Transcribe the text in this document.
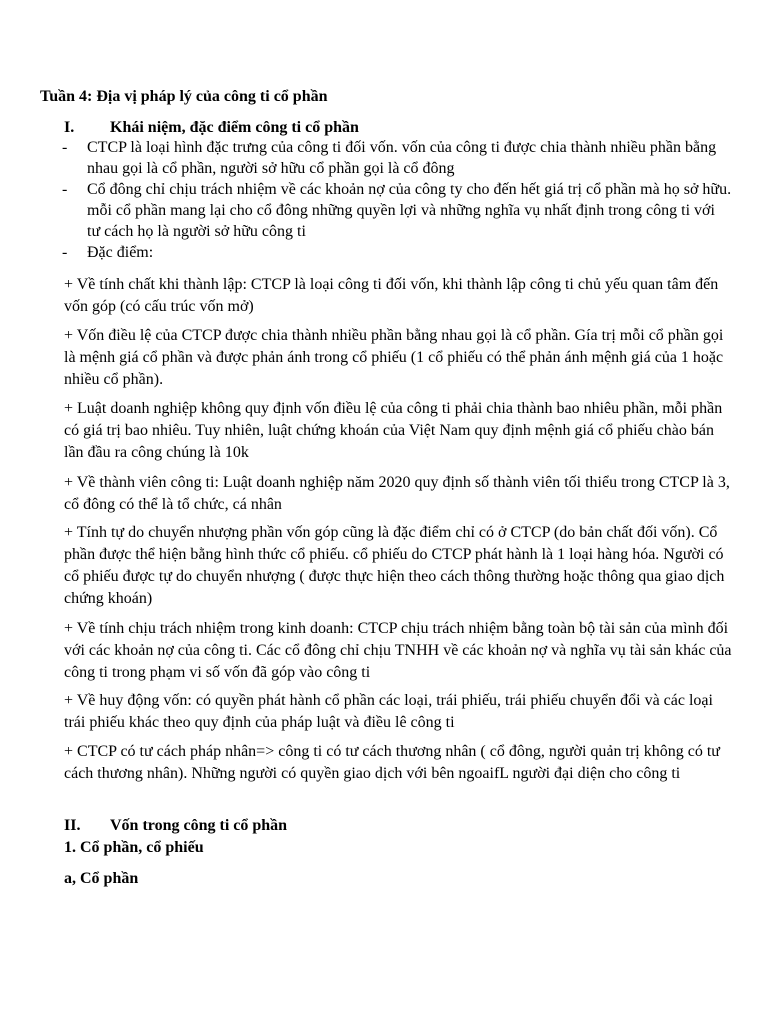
Tuần 4: Địa vị pháp lý của công ti cổ phần
I. Khái niệm, đặc điểm công ti cổ phần
- CTCP là loại hình đặc trưng của công ti đối vốn. vốn của công ti được chia thành nhiều phần bằng nhau gọi là cổ phần, người sở hữu cổ phần gọi là cổ đông
- Cổ đông chỉ chịu trách nhiệm về các khoản nợ của công ty cho đến hết giá trị cổ phần mà họ sở hữu. mỗi cổ phần mang lại cho cổ đông những quyền lợi và những nghĩa vụ nhất định trong công ti với tư cách họ là người sở hữu công ti
- Đặc điểm:
+ Về tính chất khi thành lập: CTCP là loại công ti đối vốn, khi thành lập công ti chủ yếu quan tâm đến vốn góp (có cấu trúc vốn mở)
+ Vốn điều lệ của CTCP được chia thành nhiều phần bằng nhau gọi là cổ phần. Gía trị mỗi cổ phần gọi là mệnh giá cổ phần và được phản ánh trong cổ phiếu (1 cổ phiếu có thể phản ánh mệnh giá của 1 hoặc nhiều cổ phần).
+ Luật doanh nghiệp không quy định vốn điều lệ của công ti phải chia thành bao nhiêu phần, mỗi phần có giá trị bao nhiêu. Tuy nhiên, luật chứng khoán của Việt Nam quy định mệnh giá cổ phiếu chào bán lần đầu ra công chúng là 10k
+ Về thành viên công ti: Luật doanh nghiệp năm 2020 quy định số thành viên tối thiểu trong CTCP là 3, cổ đông có thể là tổ chức, cá nhân
+ Tính tự do chuyển nhượng phần vốn góp cũng là đặc điểm chỉ có ở CTCP (do bản chất đối vốn). Cổ phần được thể hiện bằng hình thức cổ phiếu. cổ phiếu do CTCP phát hành là 1 loại hàng hóa. Người có cổ phiếu được tự do chuyển nhượng ( được thực hiện theo cách thông thường hoặc thông qua giao dịch chứng khoán)
+ Về tính chịu trách nhiệm trong kinh doanh: CTCP chịu trách nhiệm bằng toàn bộ tài sản của mình đối với các khoản nợ của công ti. Các cổ đông chỉ chịu TNHH về các khoản nợ và nghĩa vụ tài sản khác của công ti trong phạm vi số vốn đã góp vào công ti
+ Về huy động vốn: có quyền phát hành cổ phần các loại, trái phiếu, trái phiếu chuyển đổi và các loại trái phiếu khác theo quy định của pháp luật và điều lê công ti
+ CTCP có tư cách pháp nhân=> công ti có tư cách thương nhân ( cổ đông, người quản trị không có tư cách thương nhân). Những người có quyền giao dịch với bên ngoaifL người đại diện cho công ti
II. Vốn trong công ti cổ phần
1. Cổ phần, cổ phiếu
a, Cổ phần
